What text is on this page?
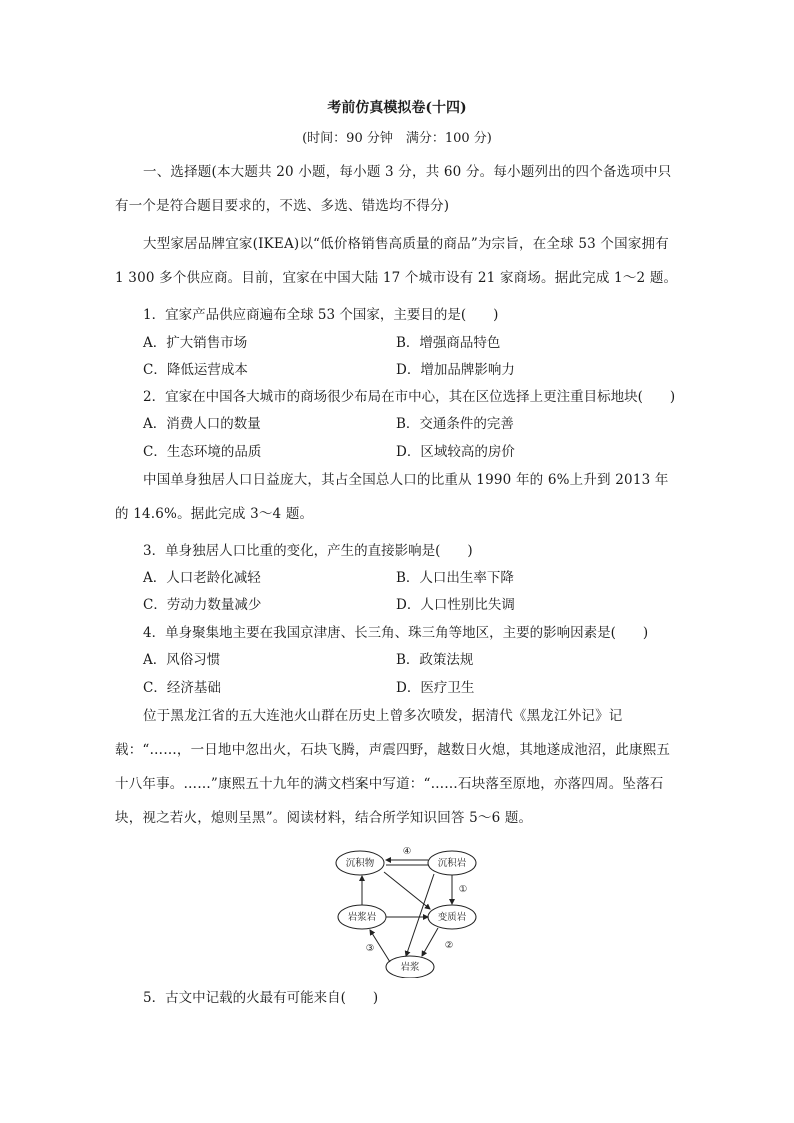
考前仿真模拟卷(十四)
(时间：90 分钟　满分：100 分)
一、选择题(本大题共 20 小题，每小题 3 分，共 60 分。每小题列出的四个备选项中只有一个是符合题目要求的，不选、多选、错选均不得分)
大型家居品牌宜家(IKEA)以“低价格销售高质量的商品”为宗旨，在全球 53 个国家拥有 1 300 多个供应商。目前，宜家在中国大陆 17 个城市设有 21 家商场。据此完成 1～2 题。
1．宜家产品供应商遍布全球 53 个国家，主要目的是(　　)
A．扩大销售市场	B．增强商品特色
C．降低运营成本	D．增加品牌影响力
2．宜家在中国各大城市的商场很少布局在市中心，其在区位选择上更注重目标地块(　　)
A．消费人口的数量	B．交通条件的完善
C．生态环境的品质	D．区域较高的房价
中国单身独居人口日益庞大，其占全国总人口的比重从 1990 年的 6%上升到 2013 年的 14.6%。据此完成 3～4 题。
3．单身独居人口比重的变化，产生的直接影响是(　　)
A．人口老龄化减轻	B．人口出生率下降
C．劳动力数量减少	D．人口性别比失调
4．单身聚集地主要在我国京津唐、长三角、珠三角等地区，主要的影响因素是(　　)
A．风俗习惯	B．政策法规
C．经济基础	D．医疗卫生
位于黑龙江省的五大连池火山群在历史上曾多次喷发，据清代《黑龙江外记》记载：“……，一日地中忽出火，石块飞腾，声震四野，越数日火熄，其地遂成池沼，此康熙五十八年事。……”康熙五十九年的满文档案中写道：“……石块落至原地，亦落四周。坠落石块，视之若火，熄则呈黑”。阅读材料，结合所学知识回答 5～6 题。
沉积物	沉积岩
岩浆岩	变质岩
岩浆
④
①
②
③
5．古文中记载的火最有可能来自(　　)
